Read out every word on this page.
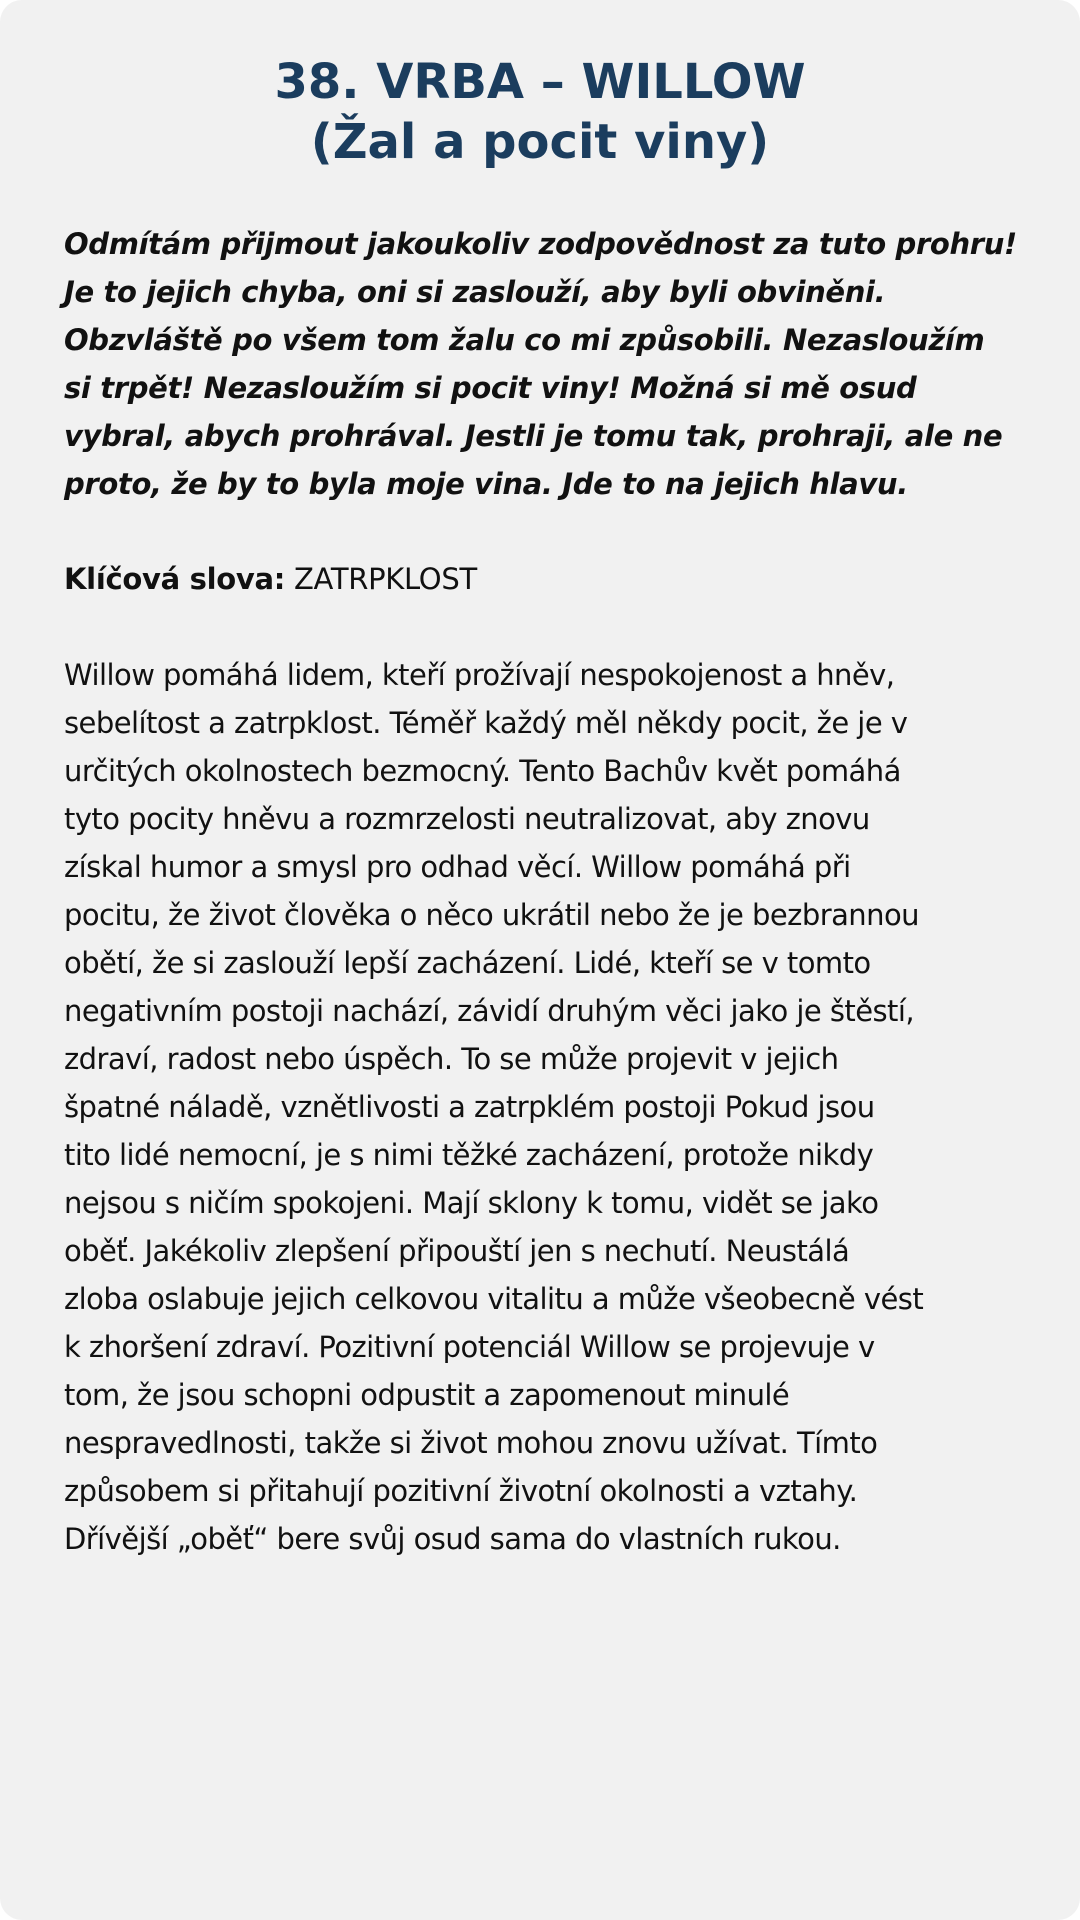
38. VRBA – WILLOW
(Žal a pocit viny)
Odmítám přijmout jakoukoliv zodpovědnost za tuto prohru!
Je to jejich chyba, oni si zaslouží, aby byli obviněni.
Obzvláště po všem tom žalu co mi způsobili. Nezasloužím
si trpět! Nezasloužím si pocit viny! Možná si mě osud
vybral, abych prohrával. Jestli je tomu tak, prohraji, ale ne
proto, že by to byla moje vina. Jde to na jejich hlavu.
Klíčová slova: ZATRPKLOST
Willow pomáhá lidem, kteří prožívají nespokojenost a hněv,
sebelítost a zatrpklost. Téměř každý měl někdy pocit, že je v
určitých okolnostech bezmocný. Tento Bachův květ pomáhá
tyto pocity hněvu a rozmrzelosti neutralizovat, aby znovu
získal humor a smysl pro odhad věcí. Willow pomáhá při
pocitu, že život člověka o něco ukrátil nebo že je bezbrannou
obětí, že si zaslouží lepší zacházení. Lidé, kteří se v tomto
negativním postoji nachází, závidí druhým věci jako je štěstí,
zdraví, radost nebo úspěch. To se může projevit v jejich
špatné náladě, vznětlivosti a zatrpklém postoji Pokud jsou
tito lidé nemocní, je s nimi těžké zacházení, protože nikdy
nejsou s ničím spokojeni. Mají sklony k tomu, vidět se jako
oběť. Jakékoliv zlepšení připouští jen s nechutí. Neustálá
zloba oslabuje jejich celkovou vitalitu a může všeobecně vést
k zhoršení zdraví. Pozitivní potenciál Willow se projevuje v
tom, že jsou schopni odpustit a zapomenout minulé
nespravedlnosti, takže si život mohou znovu užívat. Tímto
způsobem si přitahují pozitivní životní okolnosti a vztahy.
Dřívější „oběť“ bere svůj osud sama do vlastních rukou.
